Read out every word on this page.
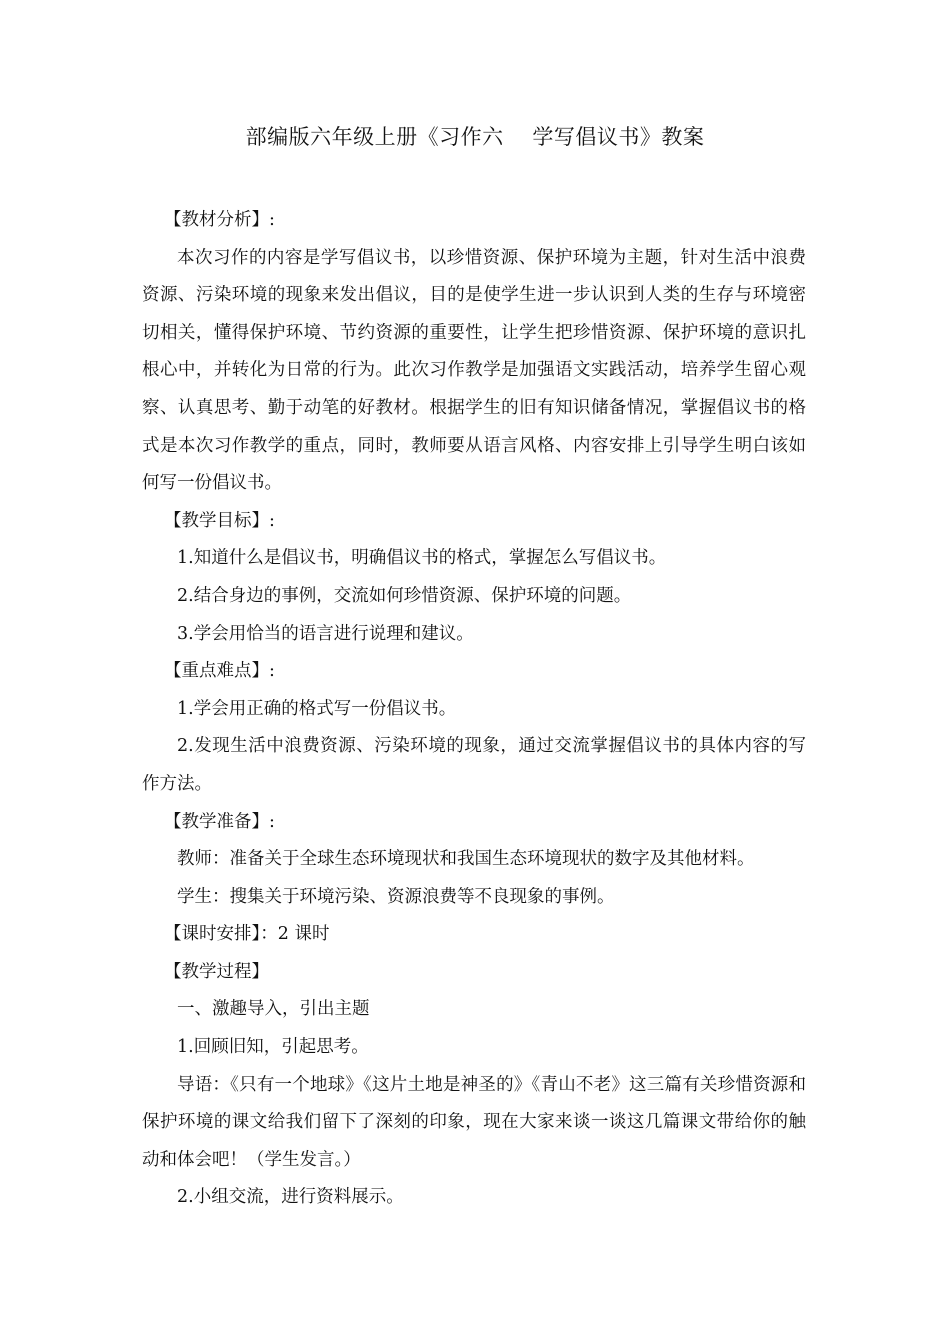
部编版六年级上册《习作六    学写倡议书》教案

【教材分析】:

本次习作的内容是学写倡议书，以珍惜资源、保护环境为主题，针对生活中浪费资源、污染环境的现象来发出倡议，目的是使学生进一步认识到人类的生存与环境密切相关，懂得保护环境、节约资源的重要性，让学生把珍惜资源、保护环境的意识扎根心中，并转化为日常的行为。此次习作教学是加强语文实践活动，培养学生留心观察、认真思考、勤于动笔的好教材。根据学生的旧有知识储备情况，掌握倡议书的格式是本次习作教学的重点，同时，教师要从语言风格、内容安排上引导学生明白该如何写一份倡议书。

【教学目标】:

1.知道什么是倡议书，明确倡议书的格式，掌握怎么写倡议书。

2.结合身边的事例，交流如何珍惜资源、保护环境的问题。

3.学会用恰当的语言进行说理和建议。

【重点难点】:

1.学会用正确的格式写一份倡议书。

2.发现生活中浪费资源、污染环境的现象，通过交流掌握倡议书的具体内容的写作方法。

【教学准备】:

教师：准备关于全球生态环境现状和我国生态环境现状的数字及其他材料。

学生：搜集关于环境污染、资源浪费等不良现象的事例。

【课时安排】：2 课时

【教学过程】

一、激趣导入，引出主题

1.回顾旧知，引起思考。

导语：《只有一个地球》《这片土地是神圣的》《青山不老》这三篇有关珍惜资源和保护环境的课文给我们留下了深刻的印象，现在大家来谈一谈这几篇课文带给你的触动和体会吧！（学生发言。）

2.小组交流，进行资料展示。
